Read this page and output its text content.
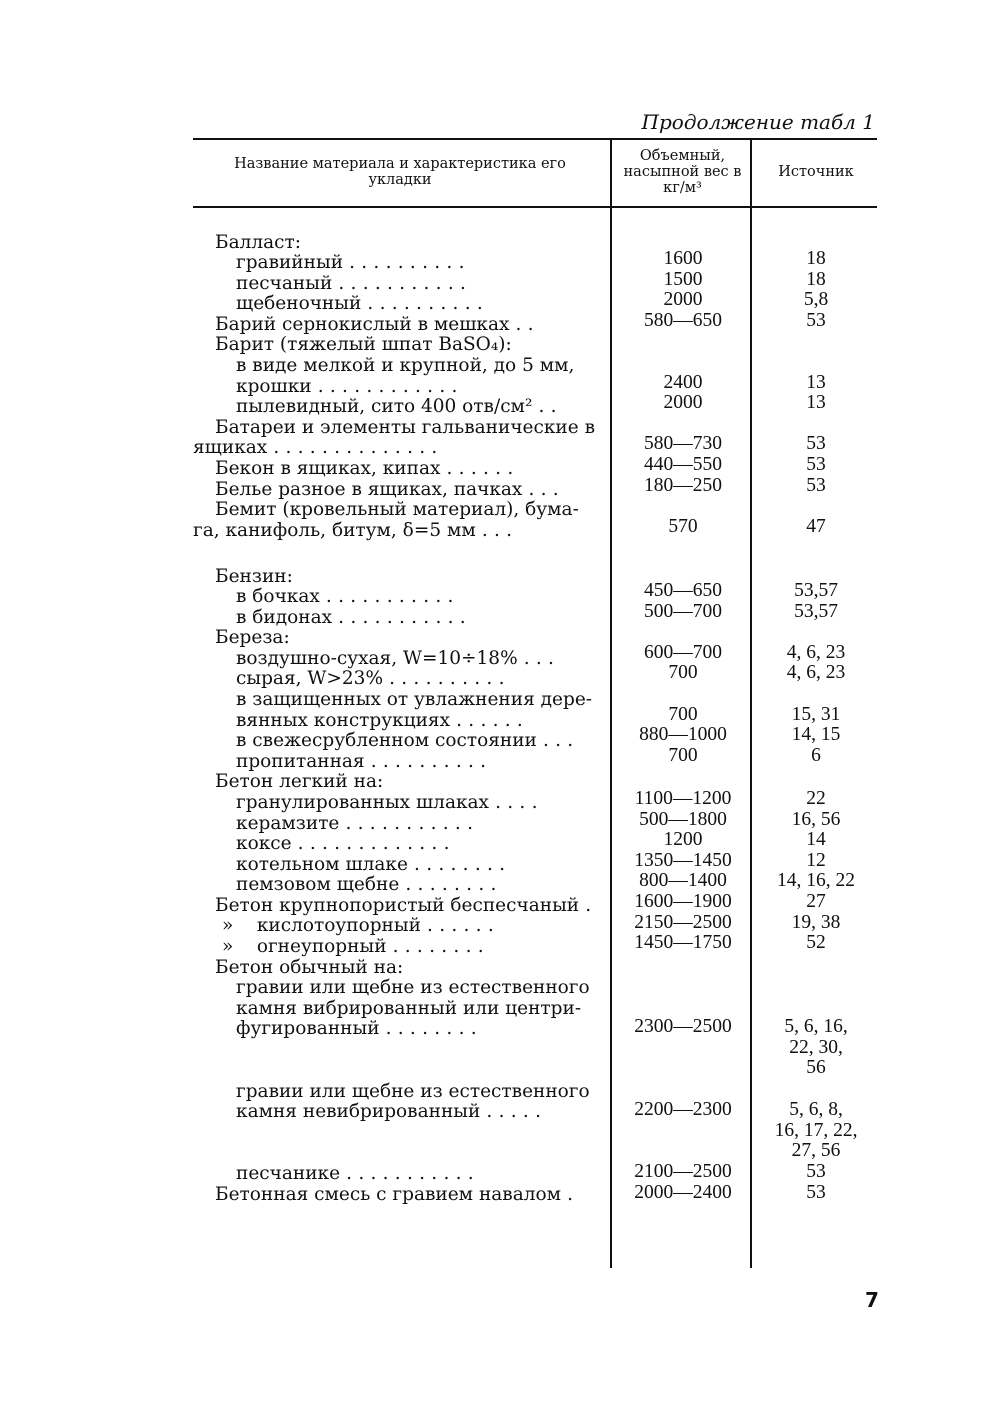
Продолжение табл 1
Название материала и характеристика его укладки
Объемный, насыпной вес в кг/м³
Источник
Балласт:
гравийный . . . . . . . . . .
песчаный . . . . . . . . . . .
щебеночный . . . . . . . . . .
Барий сернокислый в мешках . .
Барит (тяжелый шпат BaSO₄):
в виде мелкой и крупной, до 5 мм,
крошки . . . . . . . . . . . .
пылевидный, сито 400 отв/см² . .
Батареи и элементы гальванические в
ящиках . . . . . . . . . . . . . .
Бекон в ящиках, кипах . . . . . .
Белье разное в ящиках, пачках . . .
Бемит (кровельный материал), бума-
га, канифоль, битум, δ=5 мм . . .
Бензин:
в бочках . . . . . . . . . . .
в бидонах . . . . . . . . . . .
Береза:
воздушно-сухая, W=10÷18% . . .
сырая, W>23% . . . . . . . . . .
в защищенных от увлажнения дере-
вянных конструкциях . . . . . .
в свежесрубленном состоянии . . .
пропитанная . . . . . . . . . .
Бетон легкий на:
гранулированных шлаках . . . .
керамзите . . . . . . . . . . .
коксе . . . . . . . . . . . . .
котельном шлаке . . . . . . . .
пемзовом щебне . . . . . . . .
Бетон крупнопористый беспесчаный .
»    кислотоупорный . . . . . .
»    огнеупорный . . . . . . . .
Бетон обычный на:
гравии или щебне из естественного
камня вибрированный или центри-
фугированный . . . . . . . .
гравии или щебне из естественного
камня невибрированный . . . . .
песчанике . . . . . . . . . . .
Бетонная смесь с гравием навалом .
1600
1500
2000
580—650
2400
2000
580—730
440—550
180—250
570
450—650
500—700
600—700
700
700
880—1000
700
1100—1200
500—1800
1200
1350—1450
800—1400
1600—1900
2150—2500
1450—1750
2300—2500
2200—2300
2100—2500
2000—2400
18
18
5,8
53
13
13
53
53
53
47
53,57
53,57
4, 6, 23
4, 6, 23
15, 31
14, 15
6
22
16, 56
14
12
14, 16, 22
27
19, 38
52
5, 6, 16,
22, 30,
56
5, 6, 8,
16, 17, 22,
27, 56
53
53
7
